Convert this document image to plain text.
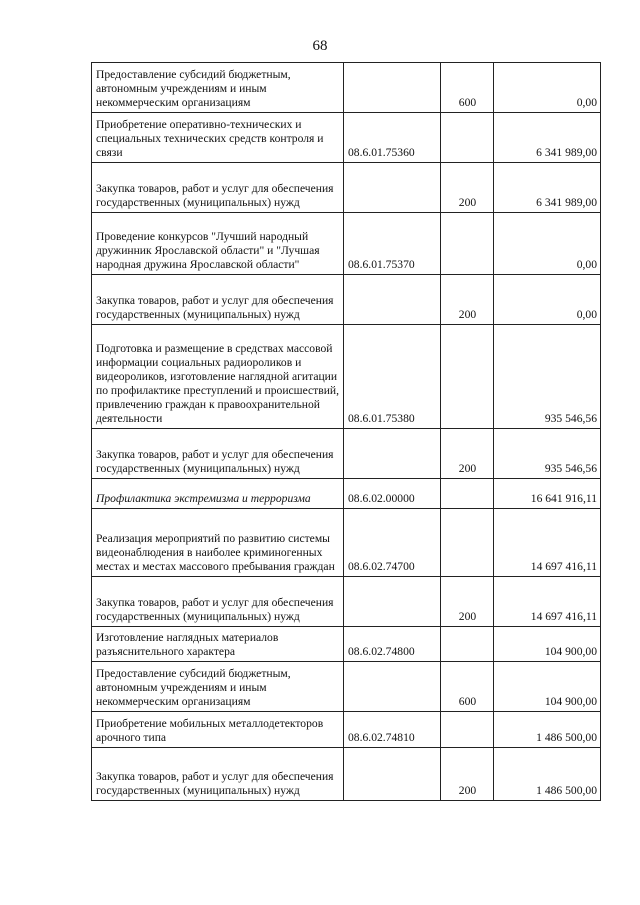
68
Предоставление субсидий бюджетным, автономным учреждениям и иным некоммерческим организациям		600	0,00
Приобретение оперативно-технических и специальных технических средств контроля и связи	08.6.01.75360		6 341 989,00
Закупка товаров, работ и услуг для обеспечения государственных (муниципальных) нужд		200	6 341 989,00
Проведение конкурсов "Лучший народный дружинник Ярославской области" и "Лучшая народная дружина Ярославской области"	08.6.01.75370		0,00
Закупка товаров, работ и услуг для обеспечения государственных (муниципальных) нужд		200	0,00
Подготовка и размещение в средствах массовой информации социальных радиороликов и видеороликов, изготовление наглядной агитации по профилактике преступлений и происшествий, привлечению граждан к правоохранительной деятельности	08.6.01.75380		935 546,56
Закупка товаров, работ и услуг для обеспечения государственных (муниципальных) нужд		200	935 546,56
Профилактика экстремизма и терроризма	08.6.02.00000		16 641 916,11
Реализация мероприятий по развитию системы видеонаблюдения в наиболее криминогенных местах и местах массового пребывания граждан	08.6.02.74700		14 697 416,11
Закупка товаров, работ и услуг для обеспечения государственных (муниципальных) нужд		200	14 697 416,11
Изготовление наглядных материалов разъяснительного характера	08.6.02.74800		104 900,00
Предоставление субсидий бюджетным, автономным учреждениям и иным некоммерческим организациям		600	104 900,00
Приобретение мобильных металлодетекторов арочного типа	08.6.02.74810		1 486 500,00
Закупка товаров, работ и услуг для обеспечения государственных (муниципальных) нужд		200	1 486 500,00
